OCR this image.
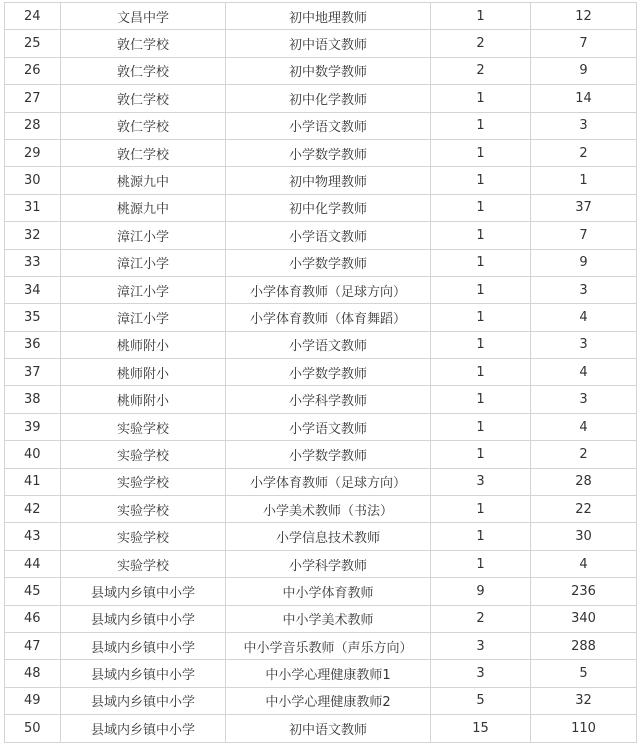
24	文昌中学	初中地理教师	1	12
25	敦仁学校	初中语文教师	2	7
26	敦仁学校	初中数学教师	2	9
27	敦仁学校	初中化学教师	1	14
28	敦仁学校	小学语文教师	1	3
29	敦仁学校	小学数学教师	1	2
30	桃源九中	初中物理教师	1	1
31	桃源九中	初中化学教师	1	37
32	漳江小学	小学语文教师	1	7
33	漳江小学	小学数学教师	1	9
34	漳江小学	小学体育教师（足球方向）	1	3
35	漳江小学	小学体育教师（体育舞蹈）	1	4
36	桃师附小	小学语文教师	1	3
37	桃师附小	小学数学教师	1	4
38	桃师附小	小学科学教师	1	3
39	实验学校	小学语文教师	1	4
40	实验学校	小学数学教师	1	2
41	实验学校	小学体育教师（足球方向）	3	28
42	实验学校	小学美术教师（书法）	1	22
43	实验学校	小学信息技术教师	1	30
44	实验学校	小学科学教师	1	4
45	县域内乡镇中小学	中小学体育教师	9	236
46	县域内乡镇中小学	中小学美术教师	2	340
47	县域内乡镇中小学	中小学音乐教师（声乐方向）	3	288
48	县域内乡镇中小学	中小学心理健康教师1	3	5
49	县域内乡镇中小学	中小学心理健康教师2	5	32
50	县域内乡镇中小学	初中语文教师	15	110
